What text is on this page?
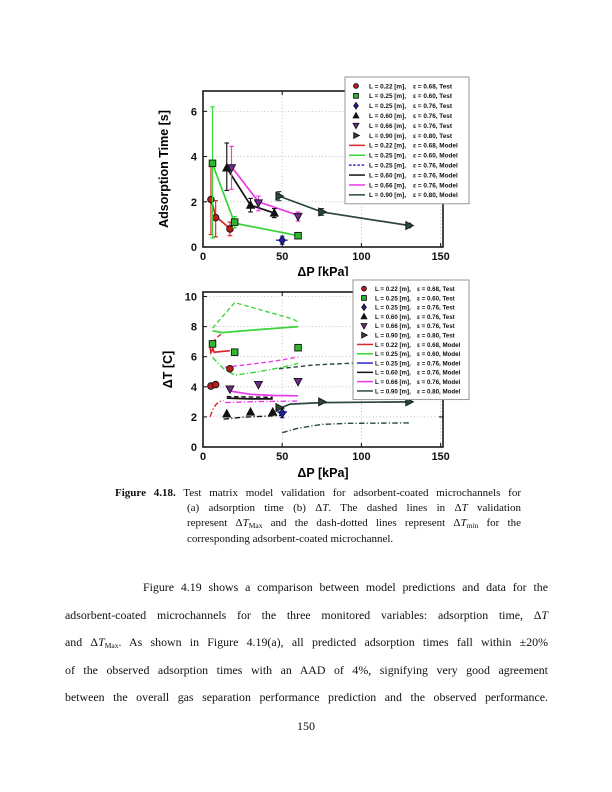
0	50	100	150
0
2
4
6
ΔP [kPa]
Adsorption Time [s]
L = 0.22 [m], ε = 0.68, Test
L = 0.25 [m], ε = 0.60, Test
L = 0.25 [m], ε = 0.76, Test
L = 0.60 [m], ε = 0.76, Test
L = 0.66 [m], ε = 0.76, Test
L = 0.90 [m], ε = 0.80, Test
L = 0.22 [m], ε = 0.68, Model
L = 0.25 [m], ε = 0.60, Model
L = 0.25 [m], ε = 0.76, Model
L = 0.60 [m], ε = 0.76, Model
L = 0.66 [m], ε = 0.76, Model
L = 0.90 [m], ε = 0.80, Model
0	50	100	150
0
2
4
6
8
10
ΔP [kPa]
ΔT [C]
L = 0.22 [m], ε = 0.68, Test
L = 0.25 [m], ε = 0.60, Test
L = 0.25 [m], ε = 0.76, Test
L = 0.60 [m], ε = 0.76, Test
L = 0.66 [m], ε = 0.76, Test
L = 0.90 [m], ε = 0.80, Test
L = 0.22 [m], ε = 0.68, Model
L = 0.25 [m], ε = 0.60, Model
L = 0.25 [m], ε = 0.76, Model
L = 0.60 [m], ε = 0.76, Model
L = 0.66 [m], ε = 0.76, Model
L = 0.90 [m], ε = 0.80, Model
Figure 4.18. Test matrix model validation for adsorbent-coated microchannels for
(a) adsorption time (b) ΔT. The dashed lines in ΔT validation
represent $\Delta T_{Max}$ and the dash-dotted lines represent $\Delta T_{min}$ for the
corresponding adsorbent-coated microchannel.
Figure 4.19 shows a comparison between model predictions and data for the
adsorbent-coated microchannels for the three monitored variables: adsorption time, ΔT
and $\Delta T_{Max}$. As shown in Figure 4.19(a), all predicted adsorption times fall within ±20%
of the observed adsorption times with an AAD of 4%, signifying very good agreement
between the overall gas separation performance prediction and the observed performance.
150
